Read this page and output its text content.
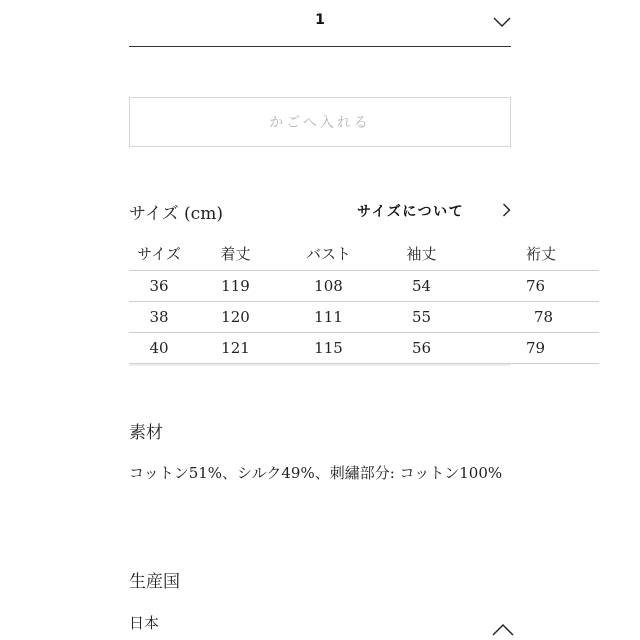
1
かごへ入れる
サイズ (cm)	サイズについて
サイズ	着丈	バスト	袖丈	裄丈
36	119	108	54	76
38	120	111	55	78
40	121	115	56	79
素材
コットン51%、シルク49%、刺繡部分: コットン100%
生産国
日本
